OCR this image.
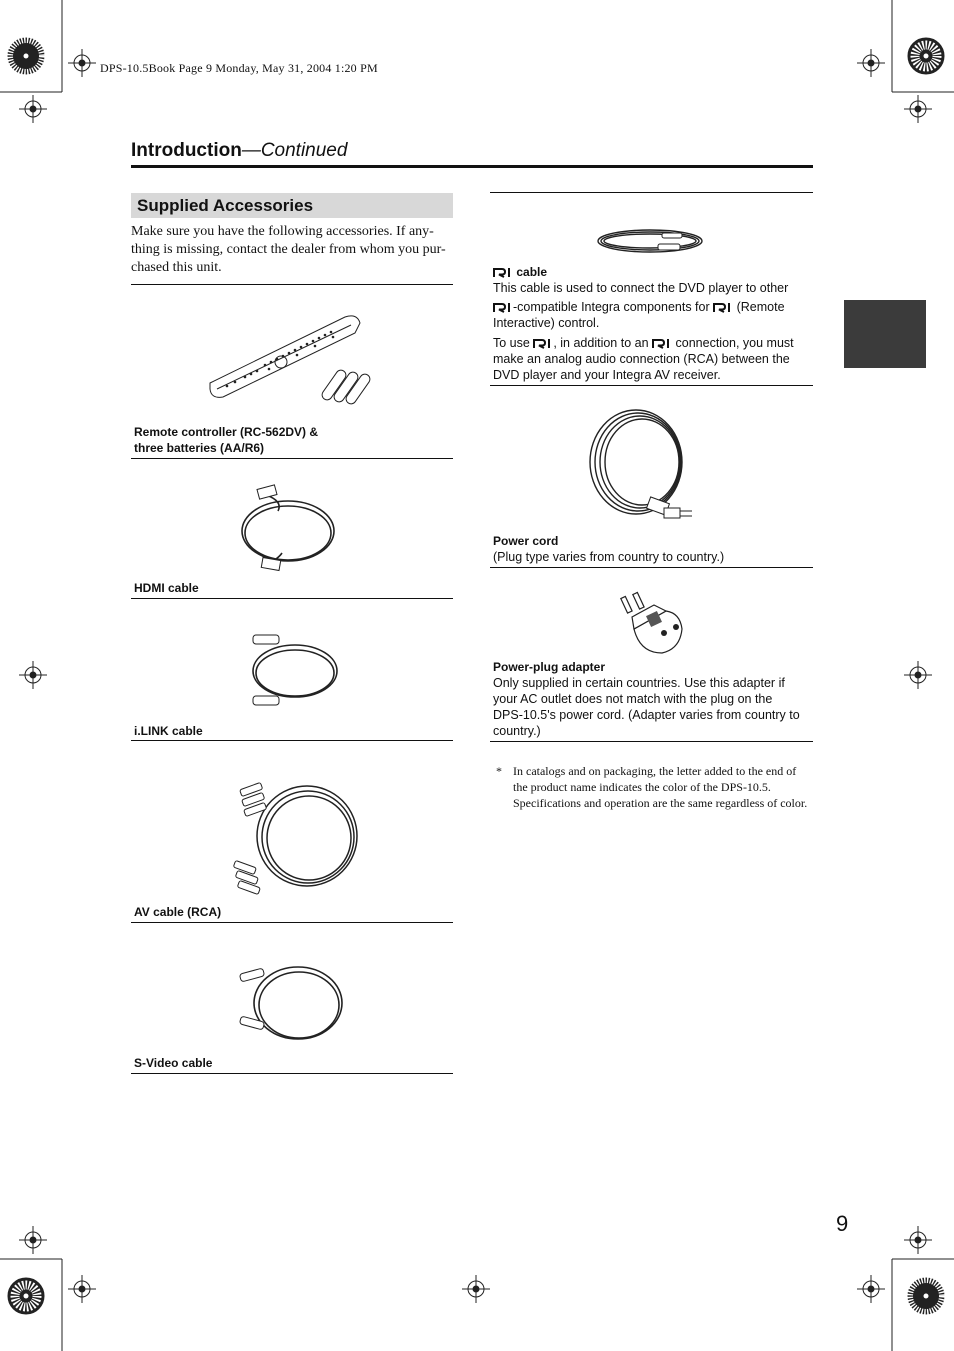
DPS-10.5Book Page 9 Monday, May 31, 2004 1:20 PM
Introduction—Continued
Supplied Accessories
Make sure you have the following accessories. If any-thing is missing, contact the dealer from whom you pur-chased this unit.
Remote controller (RC-562DV) &
three batteries (AA/R6)
HDMI cable
i.LINK cable
AV cable (RCA)
S-Video cable
cable
This cable is used to connect the DVD player to other
-compatible Integra components for (Remote
Interactive) control.
To use , in addition to an connection, you must
make an analog audio connection (RCA) between the
DVD player and your Integra AV receiver.
Power cord
(Plug type varies from country to country.)
Power-plug adapter
Only supplied in certain countries. Use this adapter if
your AC outlet does not match with the plug on the
DPS-10.5's power cord. (Adapter varies from country to
country.)
* In catalogs and on packaging, the letter added to the end of the product name indicates the color of the DPS-10.5. Specifications and operation are the same regardless of color.
9
